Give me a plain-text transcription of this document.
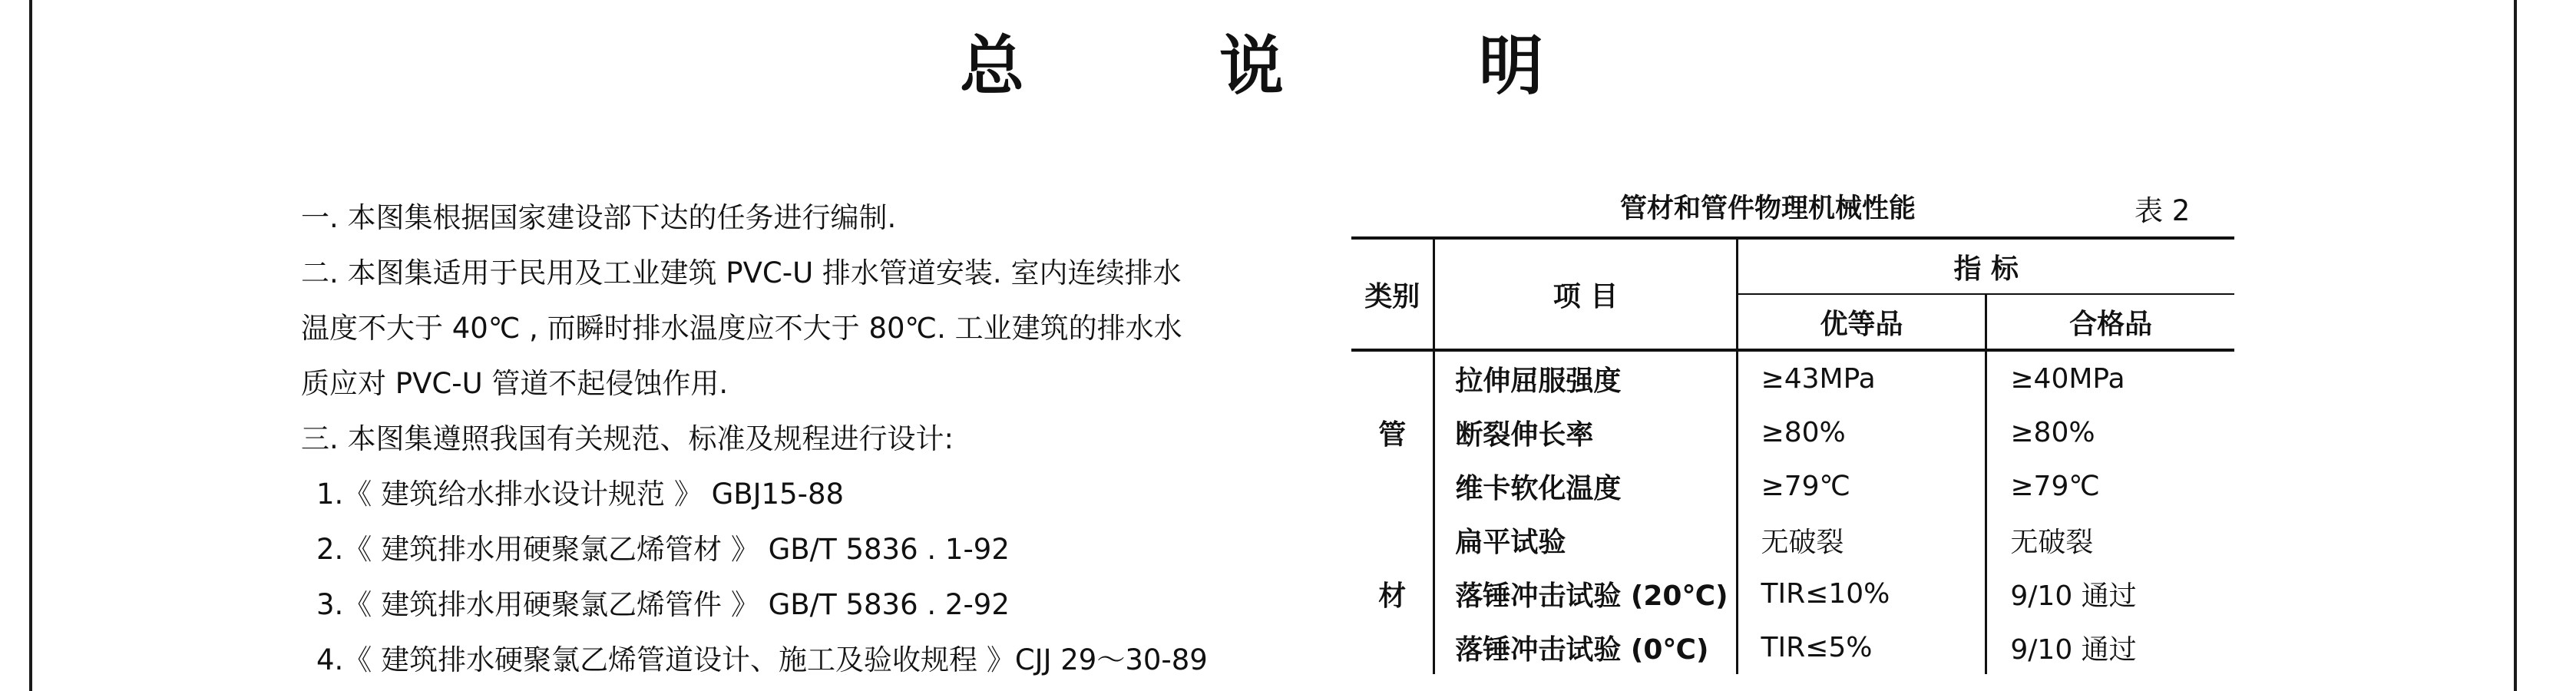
总	说	明
一. 本图集根据国家建设部下达的任务进行编制.
二. 本图集适用于民用及工业建筑 PVC-U 排水管道安装. 室内连续排水
温度不大于 40℃ , 而瞬时排水温度应不大于 80℃. 工业建筑的排水水
质应对 PVC-U 管道不起侵蚀作用.
三. 本图集遵照我国有关规范、标准及规程进行设计:
1.《 建筑给水排水设计规范 》 GBJ15-88
2.《 建筑排水用硬聚氯乙烯管材 》 GB/T 5836 . 1-92
3.《 建筑排水用硬聚氯乙烯管件 》 GB/T 5836 . 2-92
4.《 建筑排水硬聚氯乙烯管道设计、施工及验收规程 》CJJ 29～30-89
管材和管件物理机械性能	表 2
类别	项 目	指 标	
		优等品	合格品
	拉伸屈服强度	≥43MPa	≥40MPa
管	断裂伸长率	≥80%	≥80%
	维卡软化温度	≥79℃	≥79℃
	扁平试验	无破裂	无破裂
材	落锤冲击试验 (20℃)	TIR≤10%	9/10 通过
	落锤冲击试验 (0℃)	TIR≤5%	9/10 通过
